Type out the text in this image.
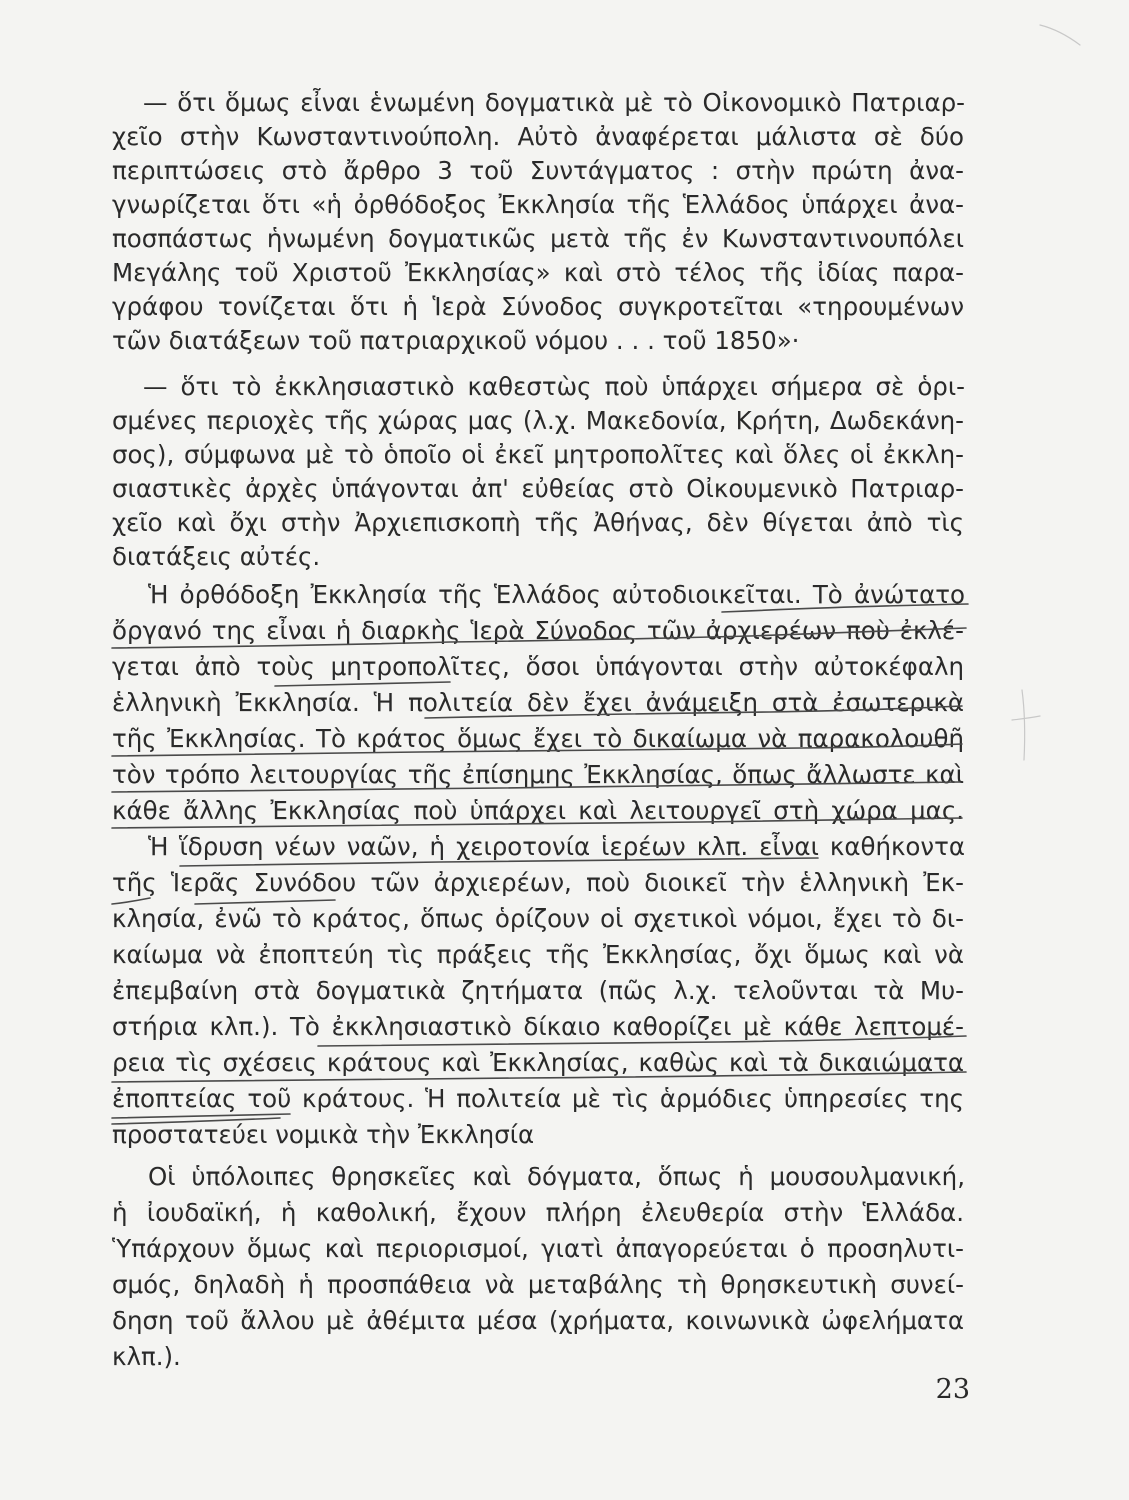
— ὅτι ὅμως εἶναι ἑνωμένη δογματικὰ μὲ τὸ Οἰκονομικὸ Πατριαρ-
χεῖο στὴν Κωνσταντινούπολη. Αὐτὸ ἀναφέρεται μάλιστα σὲ δύο
περιπτώσεις στὸ ἄρθρο 3 τοῦ Συντάγματος : στὴν πρώτη ἀνα-
γνωρίζεται ὅτι «ἡ ὀρθόδοξος Ἐκκλησία τῆς Ἑλλάδος ὑπάρχει ἀνα-
ποσπάστως ἡνωμένη δογματικῶς μετὰ τῆς ἐν Κωνσταντινουπόλει
Μεγάλης τοῦ Χριστοῦ Ἐκκλησίας» καὶ στὸ τέλος τῆς ἰδίας παρα-
γράφου τονίζεται ὅτι ἡ Ἱερὰ Σύνοδος συγκροτεῖται «τηρουμένων
τῶν διατάξεων τοῦ πατριαρχικοῦ νόμου . . . τοῦ 1850»·
— ὅτι τὸ ἐκκλησιαστικὸ καθεστὼς ποὺ ὑπάρχει σήμερα σὲ ὁρι-
σμένες περιοχὲς τῆς χώρας μας (λ.χ. Μακεδονία, Κρήτη, Δωδεκάνη-
σος), σύμφωνα μὲ τὸ ὁποῖο οἱ ἐκεῖ μητροπολῖτες καὶ ὅλες οἱ ἐκκλη-
σιαστικὲς ἀρχὲς ὑπάγονται ἀπ' εὐθείας στὸ Οἰκουμενικὸ Πατριαρ-
χεῖο καὶ ὄχι στὴν Ἀρχιεπισκοπὴ τῆς Ἀθήνας, δὲν θίγεται ἀπὸ τὶς
διατάξεις αὐτές.
Ἡ ὀρθόδοξη Ἐκκλησία τῆς Ἑλλάδος αὐτοδιοικεῖται. Τὸ ἀνώτατο
ὄργανό της εἶναι ἡ διαρκὴς Ἱερὰ Σύνοδος τῶν ἀρχιερέων ποὺ ἐκλέ-
γεται ἀπὸ τοὺς μητροπολῖτες, ὅσοι ὑπάγονται στὴν αὐτοκέφαλη
ἑλληνικὴ Ἐκκλησία. Ἡ πολιτεία δὲν ἔχει ἀνάμειξη στὰ ἐσωτερικὰ
τῆς Ἐκκλησίας. Τὸ κράτος ὅμως ἔχει τὸ δικαίωμα νὰ παρακολουθῆ
τὸν τρόπο λειτουργίας τῆς ἐπίσημης Ἐκκλησίας, ὅπως ἄλλωστε καὶ
κάθε ἄλλης Ἐκκλησίας ποὺ ὑπάρχει καὶ λειτουργεῖ στὴ χώρα μας.
Ἡ ἵδρυση νέων ναῶν, ἡ χειροτονία ἱερέων κλπ. εἶναι καθήκοντα
τῆς Ἱερᾶς Συνόδου τῶν ἀρχιερέων, ποὺ διοικεῖ τὴν ἑλληνικὴ Ἐκ-
κλησία, ἐνῶ τὸ κράτος, ὅπως ὁρίζουν οἱ σχετικοὶ νόμοι, ἔχει τὸ δι-
καίωμα νὰ ἐποπτεύη τὶς πράξεις τῆς Ἐκκλησίας, ὄχι ὅμως καὶ νὰ
ἐπεμβαίνη στὰ δογματικὰ ζητήματα (πῶς λ.χ. τελοῦνται τὰ Μυ-
στήρια κλπ.). Τὸ ἐκκλησιαστικὸ δίκαιο καθορίζει μὲ κάθε λεπτομέ-
ρεια τὶς σχέσεις κράτους καὶ Ἐκκλησίας, καθὼς καὶ τὰ δικαιώματα
ἐποπτείας τοῦ κράτους. Ἡ πολιτεία μὲ τὶς ἁρμόδιες ὑπηρεσίες της
προστατεύει νομικὰ τὴν Ἐκκλησία
Οἱ ὑπόλοιπες θρησκεῖες καὶ δόγματα, ὅπως ἡ μουσουλμανική,
ἡ ἰουδαϊκή, ἡ καθολική, ἔχουν πλήρη ἐλευθερία στὴν Ἑλλάδα.
Ὑπάρχουν ὅμως καὶ περιορισμοί, γιατὶ ἀπαγορεύεται ὁ προσηλυτι-
σμός, δηλαδὴ ἡ προσπάθεια νὰ μεταβάλης τὴ θρησκευτικὴ συνεί-
δηση τοῦ ἄλλου μὲ ἀθέμιτα μέσα (χρήματα, κοινωνικὰ ὠφελήματα
κλπ.).
23
